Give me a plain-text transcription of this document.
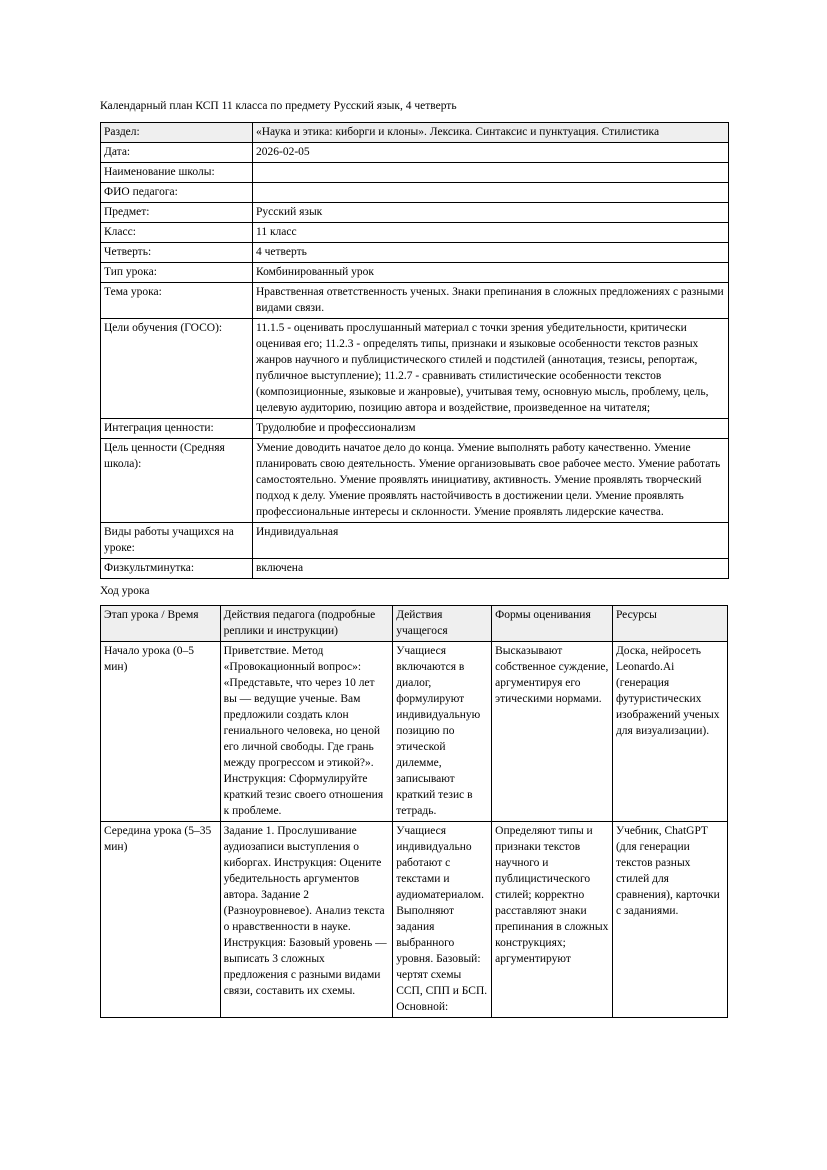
Календарный план КСП 11 класса по предмету Русский язык, 4 четверть

Раздел:	«Наука и этика: киборги и клоны». Лексика. Синтаксис и пунктуация. Стилистика
Дата:	2026-02-05
Наименование школы:	

ФИО педагога:	

Предмет:	Русский язык
Класс:	11 класс
Четверть:	4 четверть
Тип урока:	Комбинированный урок
Тема урока:	Нравственная ответственность ученых. Знаки препинания в сложных предложениях с разными видами связи.
Цели обучения (ГОСО):	11.1.5 - оценивать прослушанный материал с точки зрения убедительности, критически оценивая его; 11.2.3 - определять типы, признаки и языковые особенности текстов разных жанров научного и публицистического стилей и подстилей (аннотация, тезисы, репортаж, публичное выступление); 11.2.7 - сравнивать стилистические особенности текстов (композиционные, языковые и жанровые), учитывая тему, основную мысль, проблему, цель, целевую аудиторию, позицию автора и воздействие, произведенное на читателя;
Интеграция ценности:	Трудолюбие и профессионализм
Цель ценности (Средняя школа):	Умение доводить начатое дело до конца. Умение выполнять работу качественно. Умение планировать свою деятельность. Умение организовывать свое рабочее место. Умение работать самостоятельно. Умение проявлять инициативу, активность. Умение проявлять творческий подход к делу. Умение проявлять настойчивость в достижении цели. Умение проявлять профессиональные интересы и склонности. Умение проявлять лидерские качества.
Виды работы учащихся на уроке:	Индивидуальная
Физкультминутка:	включена

Ход урока

Этап урока / Время	Действия педагога (подробные реплики и инструкции)	Действия учащегося	Формы оценивания	Ресурсы
Начало урока (0–5 мин)	Приветствие. Метод «Провокационный вопрос»: «Представьте, что через 10 лет вы — ведущие ученые. Вам предложили создать клон гениального человека, но ценой его личной свободы. Где грань между прогрессом и этикой?». Инструкция: Сформулируйте краткий тезис своего отношения к проблеме.	Учащиеся включаются в диалог, формулируют индивидуальную позицию по этической дилемме, записывают краткий тезис в тетрадь.	Высказывают собственное суждение, аргументируя его этическими нормами.	Доска, нейросеть Leonardo.Ai (генерация футуристических изображений ученых для визуализации).
Середина урока (5–35 мин)	Задание 1. Прослушивание аудиозаписи выступления о киборгах. Инструкция: Оцените убедительность аргументов автора. Задание 2 (Разноуровневое). Анализ текста о нравственности в науке. Инструкция: Базовый уровень — выписать 3 сложных предложения с разными видами связи, составить их схемы.	Учащиеся индивидуально работают с текстами и аудиоматериалом. Выполняют задания выбранного уровня. Базовый: чертят схемы ССП, СПП и БСП. Основной:	Определяют типы и признаки текстов научного и публицистического стилей; корректно расставляют знаки препинания в сложных конструкциях; аргументируют	Учебник, ChatGPT (для генерации текстов разных стилей для сравнения), карточки с заданиями.
